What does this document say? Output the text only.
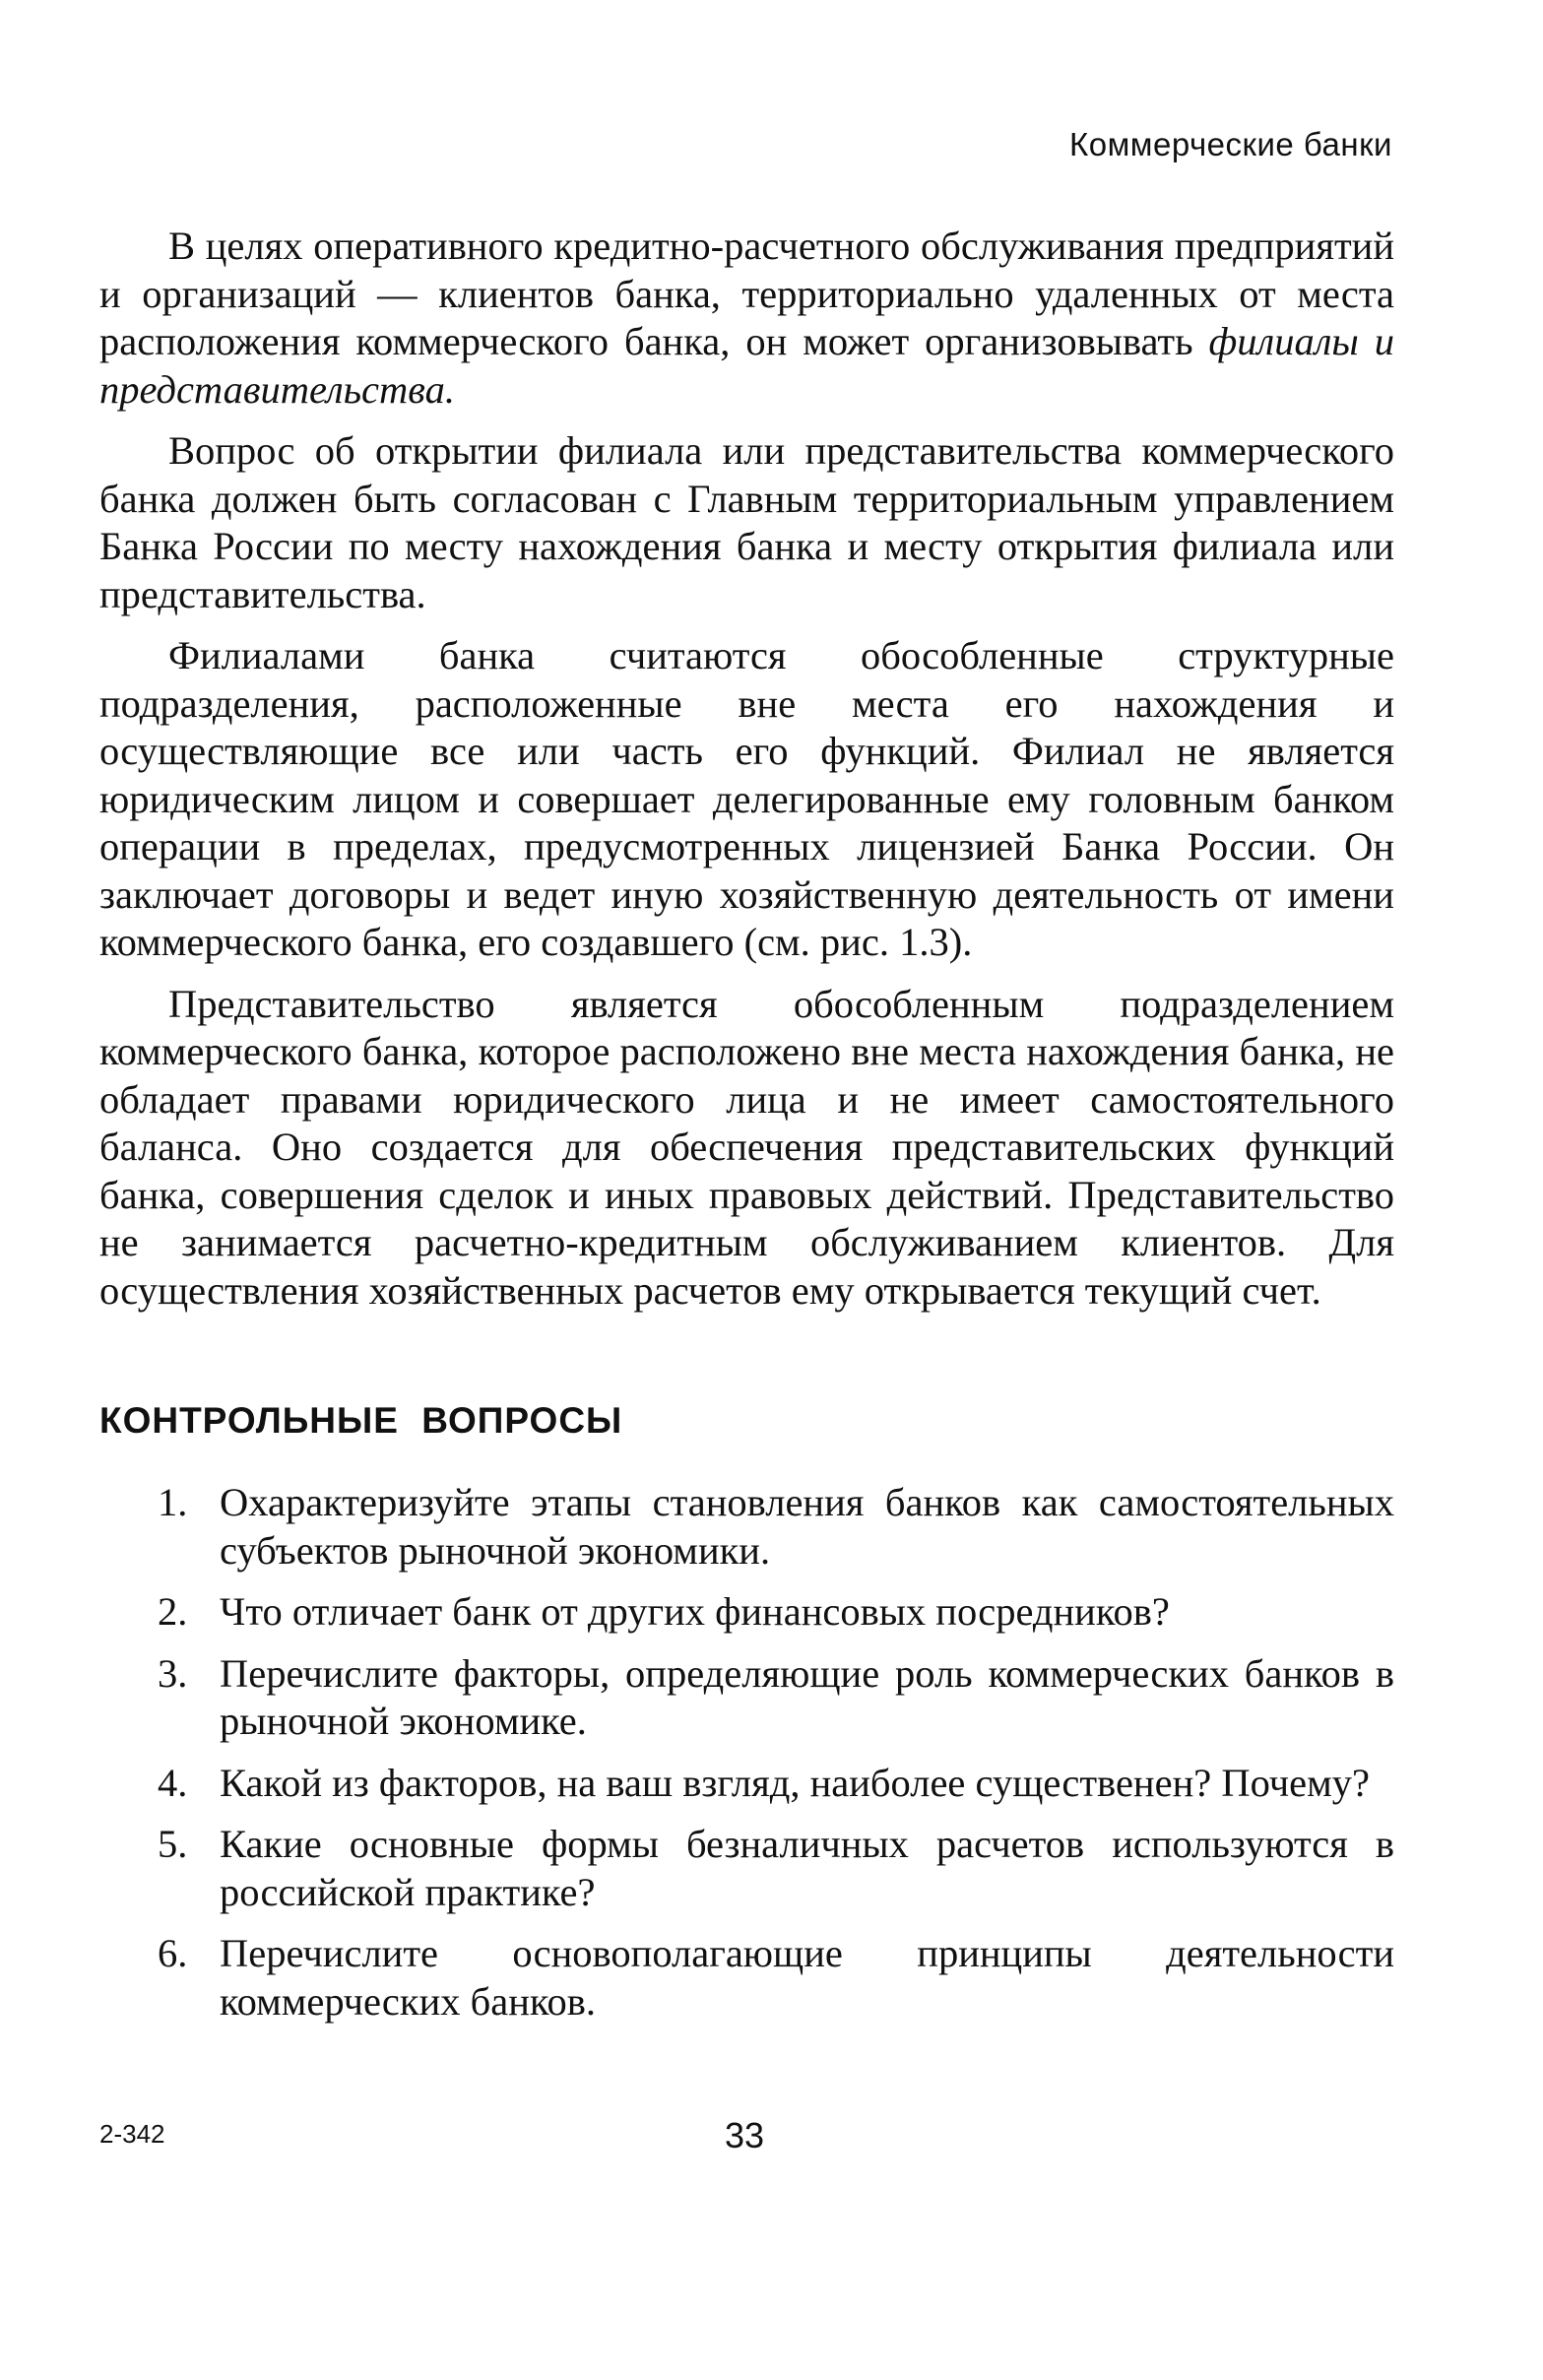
Коммерческие банки

В целях оперативного кредитно-расчетного обслуживания предприятий и организаций — клиентов банка, территориально удаленных от места расположения коммерческого банка, он может организовывать филиалы и представительства.

Вопрос об открытии филиала или представительства коммерческого банка должен быть согласован с Главным территориальным управлением Банка России по месту нахождения банка и месту открытия филиала или представительства.

Филиалами банка считаются обособленные структурные подразделения, расположенные вне места его нахождения и осуществляющие все или часть его функций. Филиал не является юридическим лицом и совершает делегированные ему головным банком операции в пределах, предусмотренных лицензией Банка России. Он заключает договоры и ведет иную хозяйственную деятельность от имени коммерческого банка, его создавшего (см. рис. 1.3).

Представительство является обособленным подразделением коммерческого банка, которое расположено вне места нахождения банка, не обладает правами юридического лица и не имеет самостоятельного баланса. Оно создается для обеспечения представительских функций банка, совершения сделок и иных правовых действий. Представительство не занимается расчетно-кредитным обслуживанием клиентов. Для осуществления хозяйственных расчетов ему открывается текущий счет.

КОНТРОЛЬНЫЕ ВОПРОСЫ
1. Охарактеризуйте этапы становления банков как самостоятельных субъектов рыночной экономики.
2. Что отличает банк от других финансовых посредников?
3. Перечислите факторы, определяющие роль коммерческих банков в рыночной экономике.
4. Какой из факторов, на ваш взгляд, наиболее существенен? Почему?
5. Какие основные формы безналичных расчетов используются в российской практике?
6. Перечислите основополагающие принципы деятельности коммерческих банков.
2-342	33
